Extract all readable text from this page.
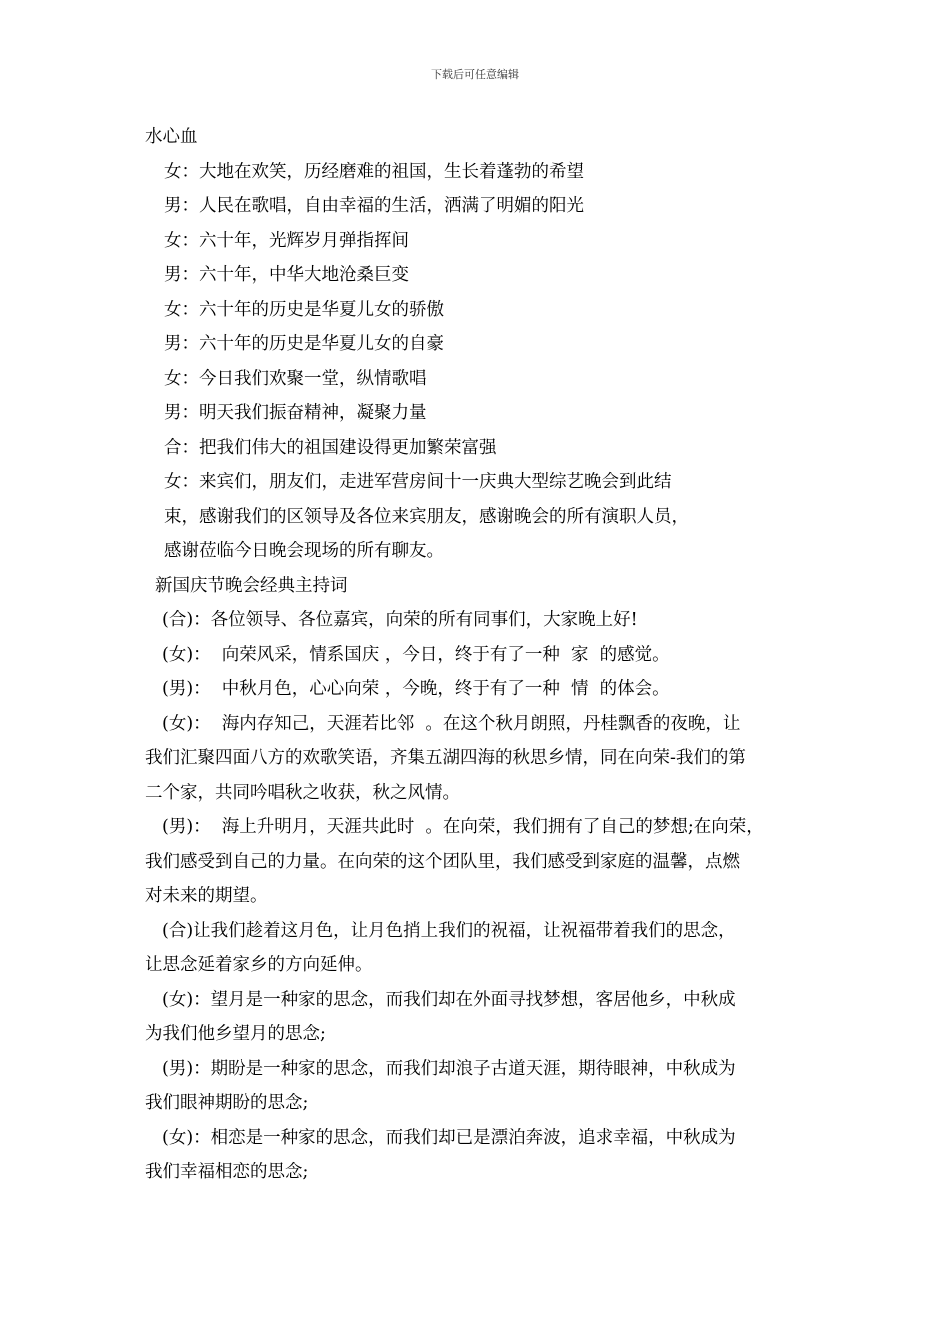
下载后可任意编辑
水心血
女：大地在欢笑，历经磨难的祖国，生长着蓬勃的希望
男：人民在歌唱，自由幸福的生活，洒满了明媚的阳光
女：六十年，光辉岁月弹指挥间
男：六十年，中华大地沧桑巨变
女：六十年的历史是华夏儿女的骄傲
男：六十年的历史是华夏儿女的自豪
女：今日我们欢聚一堂，纵情歌唱
男：明天我们振奋精神，凝聚力量
合：把我们伟大的祖国建设得更加繁荣富强
女：来宾们，朋友们，走进军营房间十一庆典大型综艺晚会到此结
束，感谢我们的区领导及各位来宾朋友，感谢晚会的所有演职人员，
感谢莅临今日晚会现场的所有聊友。
新国庆节晚会经典主持词
(合)：各位领导、各位嘉宾，向荣的所有同事们，大家晚上好!
(女)：  向荣风采，情系国庆 ，今日，终于有了一种  家  的感觉。
(男)：  中秋月色，心心向荣 ，今晚，终于有了一种  情  的体会。
(女)：  海内存知己，天涯若比邻  。在这个秋月朗照，丹桂飘香的夜晚，让
我们汇聚四面八方的欢歌笑语，齐集五湖四海的秋思乡情，同在向荣-我们的第
二个家，共同吟唱秋之收获，秋之风情。
(男)：  海上升明月，天涯共此时  。在向荣，我们拥有了自己的梦想;在向荣，
我们感受到自己的力量。在向荣的这个团队里，我们感受到家庭的温馨，点燃
对未来的期望。
(合)让我们趁着这月色，让月色捎上我们的祝福，让祝福带着我们的思念，
让思念延着家乡的方向延伸。
(女)：望月是一种家的思念，而我们却在外面寻找梦想，客居他乡，中秋成
为我们他乡望月的思念;
(男)：期盼是一种家的思念，而我们却浪子古道天涯，期待眼神，中秋成为
我们眼神期盼的思念;
(女)：相恋是一种家的思念，而我们却已是漂泊奔波，追求幸福，中秋成为
我们幸福相恋的思念;
